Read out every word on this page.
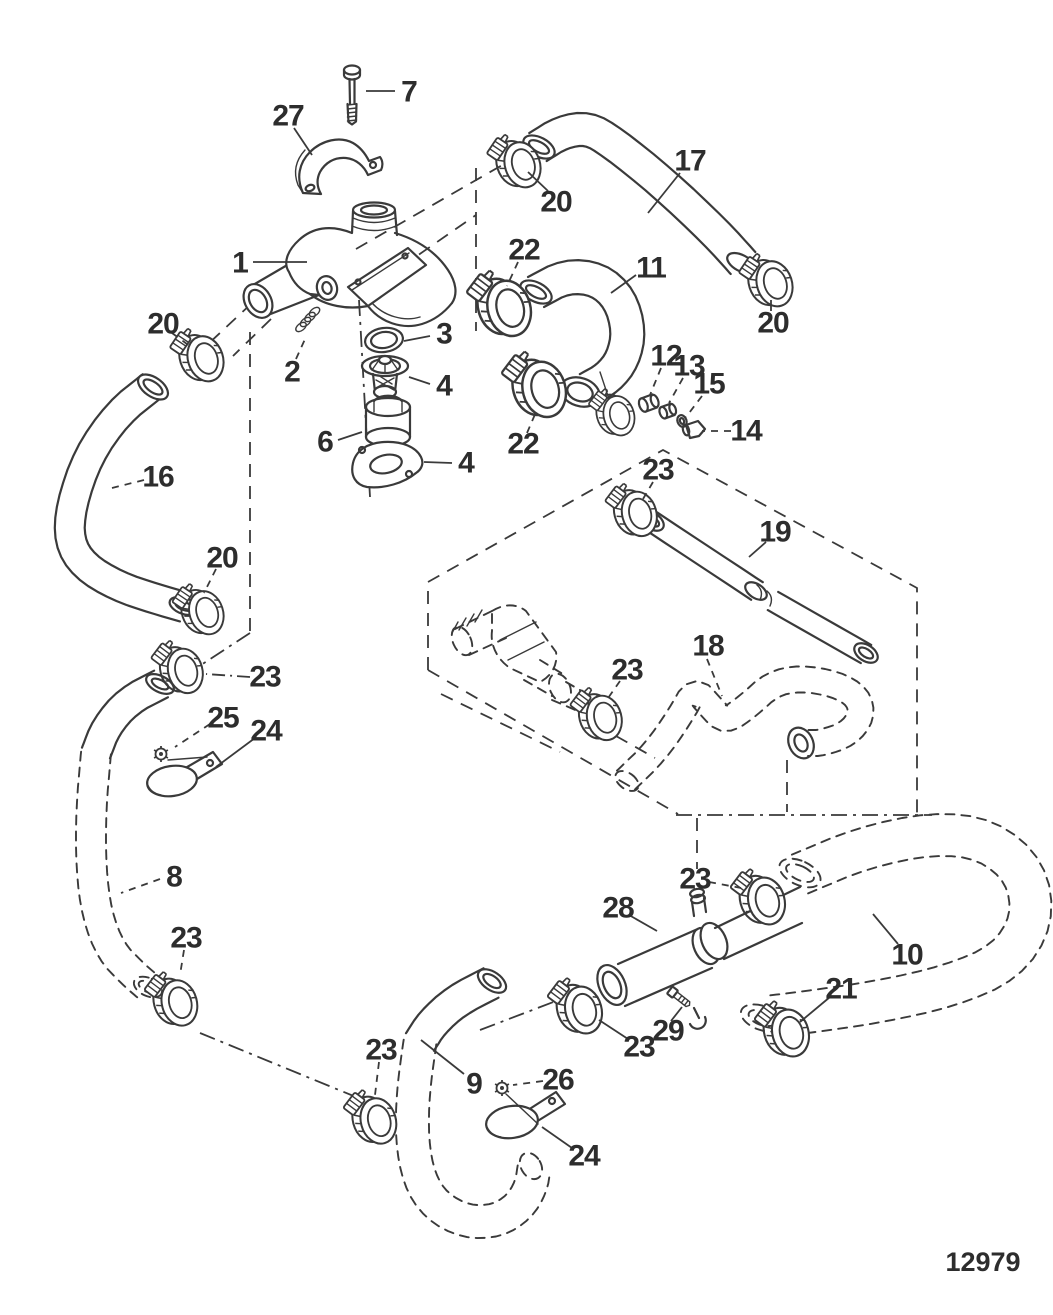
1
2
3
4
4
6
7
8
9
10
11
12
13
14
15
16
17
18
19
20
20
20
20
21
22
22
23
23
23
23
23
23
23
24
24
25
26
27
28
29
12979
